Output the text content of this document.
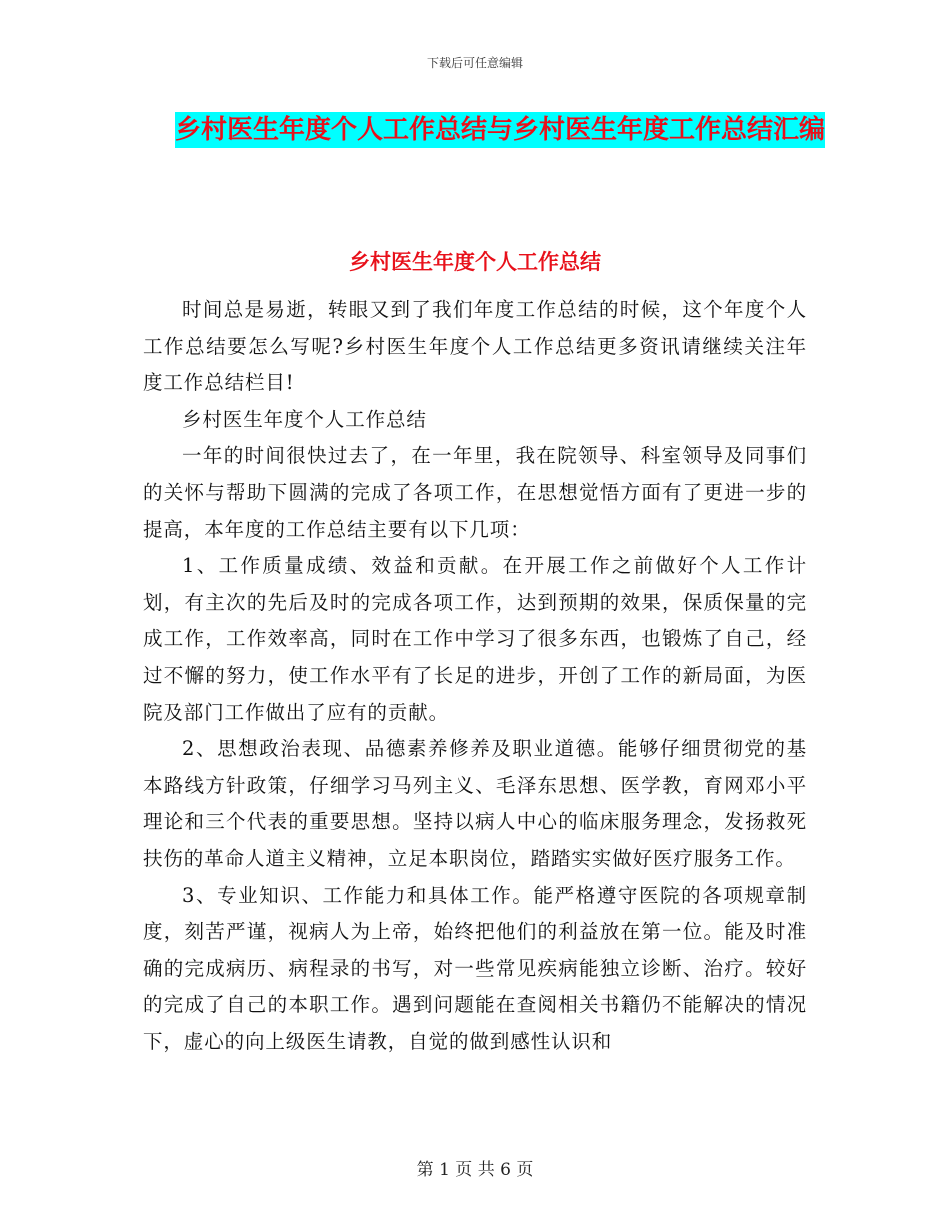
下载后可任意编辑
乡村医生年度个人工作总结与乡村医生年度工作总结汇编
乡村医生年度个人工作总结

时间总是易逝，转眼又到了我们年度工作总结的时候，这个年度个人工作总结要怎么写呢?乡村医生年度个人工作总结更多资讯请继续关注年度工作总结栏目!

乡村医生年度个人工作总结

一年的时间很快过去了，在一年里，我在院领导、科室领导及同事们的关怀与帮助下圆满的完成了各项工作，在思想觉悟方面有了更进一步的提高，本年度的工作总结主要有以下几项：

1、工作质量成绩、效益和贡献。在开展工作之前做好个人工作计划，有主次的先后及时的完成各项工作，达到预期的效果，保质保量的完成工作，工作效率高，同时在工作中学习了很多东西，也锻炼了自己，经过不懈的努力，使工作水平有了长足的进步，开创了工作的新局面，为医院及部门工作做出了应有的贡献。

2、思想政治表现、品德素养修养及职业道德。能够仔细贯彻党的基本路线方针政策，仔细学习马列主义、毛泽东思想、医学教，育网邓小平理论和三个代表的重要思想。坚持以病人中心的临床服务理念，发扬救死扶伤的革命人道主义精神，立足本职岗位，踏踏实实做好医疗服务工作。

3、专业知识、工作能力和具体工作。能严格遵守医院的各项规章制度，刻苦严谨，视病人为上帝，始终把他们的利益放在第一位。能及时准确的完成病历、病程录的书写，对一些常见疾病能独立诊断、治疗。较好的完成了自己的本职工作。遇到问题能在查阅相关书籍仍不能解决的情况下，虚心的向上级医生请教，自觉的做到感性认识和

第 1 页 共 6 页
